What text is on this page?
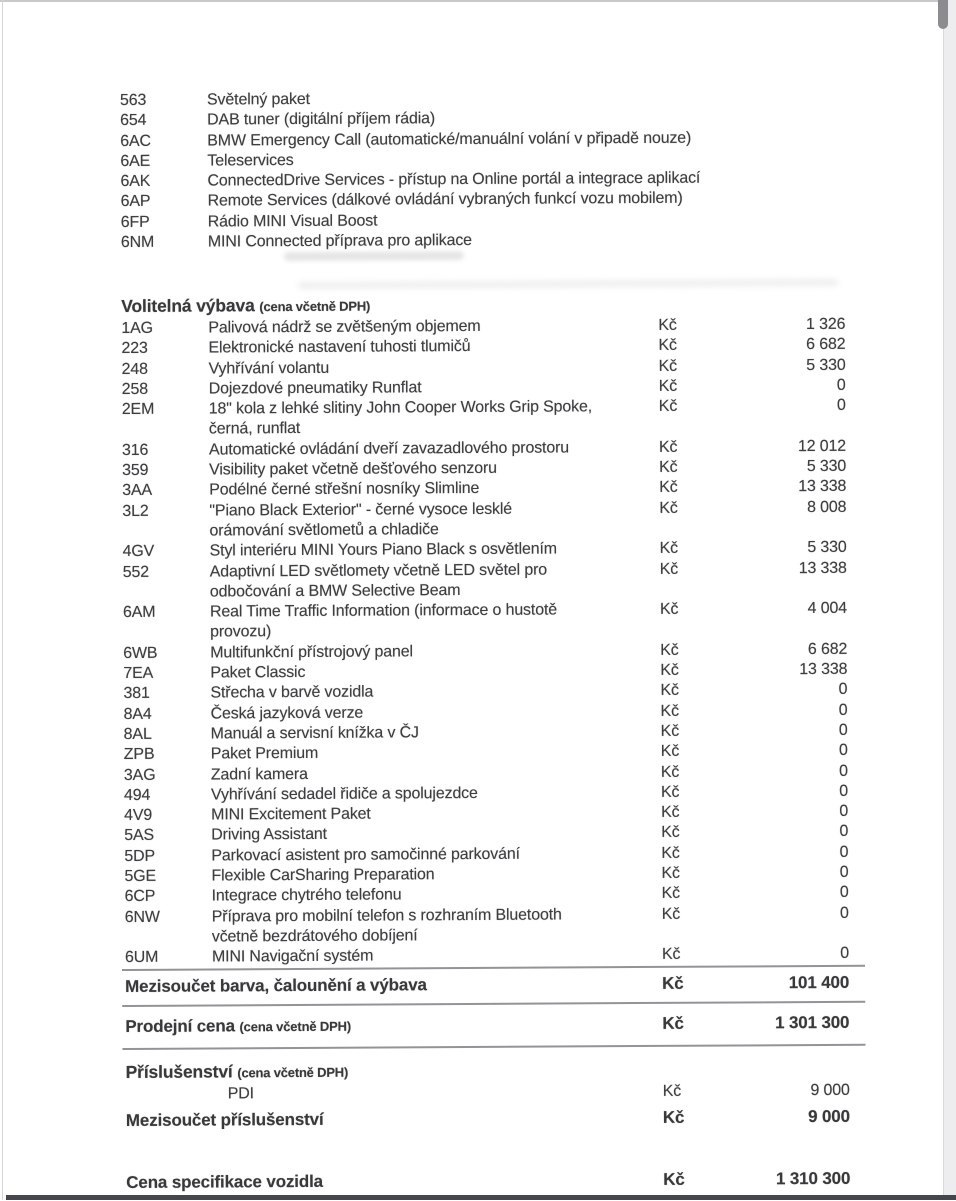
563	Světelný paket
654	DAB tuner (digitální příjem rádia)
6AC	BMW Emergency Call (automatické/manuální volání v připadě nouze)
6AE	Teleservices
6AK	ConnectedDrive Services - přístup na Online portál a integrace aplikací
6AP	Remote Services (dálkové ovládání vybraných funkcí vozu mobilem)
6FP	Rádio MINI Visual Boost
6NM	MINI Connected příprava pro aplikace
Volitelná výbava (cena včetně DPH)
1AG	Palivová nádrž se zvětšeným objemem	Kč	1 326
223	Elektronické nastavení tuhosti tlumičů	Kč	6 682
248	Vyhřívání volantu	Kč	5 330
258	Dojezdové pneumatiky Runflat	Kč	0
2EM	18" kola z lehké slitiny John Cooper Works Grip Spoke,
černá, runflat
Kč	0
316	Automatické ovládání dveří zavazadlového prostoru	Kč	12 012
359	Visibility paket včetně dešťového senzoru	Kč	5 330
3AA	Podélné černé střešní nosníky Slimline	Kč	13 338
3L2	"Piano Black Exterior" - černé vysoce lesklé
orámování světlometů a chladiče
Kč	8 008
4GV	Styl interiéru MINI Yours Piano Black s osvětlením	Kč	5 330
552	Adaptivní LED světlomety včetně LED světel pro
odbočování a BMW Selective Beam
Kč	13 338
6AM	Real Time Traffic Information (informace o hustotě
provozu)
Kč	4 004
6WB	Multifunkční přístrojový panel	Kč	6 682
7EA	Paket Classic	Kč	13 338
381	Střecha v barvě vozidla	Kč	0
8A4	Česká jazyková verze	Kč	0
8AL	Manuál a servisní knížka v ČJ	Kč	0
ZPB	Paket Premium	Kč	0
3AG	Zadní kamera	Kč	0
494	Vyhřívání sedadel řidiče a spolujezdce	Kč	0
4V9	MINI Excitement Paket	Kč	0
5AS	Driving Assistant	Kč	0
5DP	Parkovací asistent pro samočinné parkování	Kč	0
5GE	Flexible CarSharing Preparation	Kč	0
6CP	Integrace chytrého telefonu	Kč	0
6NW	Příprava pro mobilní telefon s rozhraním Bluetooth
včetně bezdrátového dobíjení
Kč	0
6UM	MINI Navigační systém	Kč	0
Mezisoučet barva, čalounění a výbava	Kč	101 400
Prodejní cena (cena včetně DPH)	Kč	1 301 300
Příslušenství (cena včetně DPH)
PDI	Kč	9 000
Mezisoučet příslušenství	Kč	9 000
Cena specifikace vozidla	Kč	1 310 300
